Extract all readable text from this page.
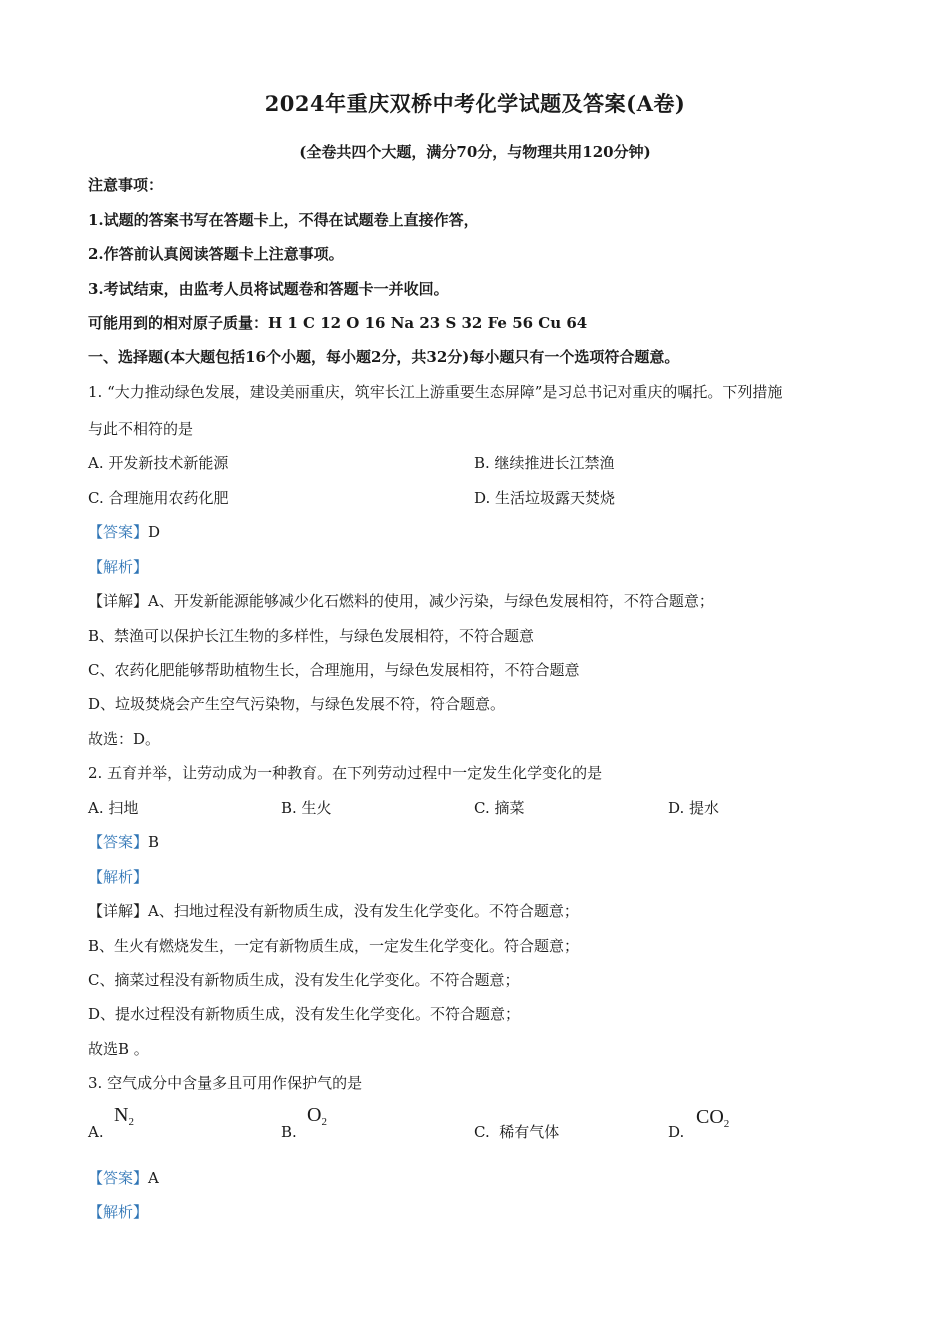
2024年重庆双桥中考化学试题及答案(A卷)
(全卷共四个大题，满分70分，与物理共用120分钟)
注意事项：
1.试题的答案书写在答题卡上，不得在试题卷上直接作答，
2.作答前认真阅读答题卡上注意事项。
3.考试结束，由监考人员将试题卷和答题卡一并收回。
可能用到的相对原子质量：H 1 C 12 O 16 Na 23 S 32 Fe 56 Cu 64
一、选择题(本大题包括16个小题，每小题2分，共32分)每小题只有一个选项符合题意。
1. “大力推动绿色发展，建设美丽重庆，筑牢长江上游重要生态屏障”是习总书记对重庆的嘱托。下列措施
与此不相符的是
A. 开发新技术新能源	B. 继续推进长江禁渔
C. 合理施用农药化肥	D. 生活垃圾露天焚烧
【答案】D
【解析】
【详解】A、开发新能源能够减少化石燃料的使用，减少污染，与绿色发展相符，不符合题意；
B、禁渔可以保护长江生物的多样性，与绿色发展相符，不符合题意
C、农药化肥能够帮助植物生长，合理施用，与绿色发展相符，不符合题意
D、垃圾焚烧会产生空气污染物，与绿色发展不符，符合题意。
故选：D。
2. 五育并举，让劳动成为一种教育。在下列劳动过程中一定发生化学变化的是
A. 扫地	B. 生火	C. 摘菜	D. 提水
【答案】B
【解析】
【详解】A、扫地过程没有新物质生成，没有发生化学变化。不符合题意；
B、生火有燃烧发生，一定有新物质生成，一定发生化学变化。符合题意；
C、摘菜过程没有新物质生成，没有发生化学变化。不符合题意；
D、提水过程没有新物质生成，没有发生化学变化。不符合题意；
故选B 。
3. 空气成分中含量多且可用作保护气的是
A.
$N_2$
B.
$O_2$
C. 稀有气体	D.
$CO_2$
【答案】A
【解析】
